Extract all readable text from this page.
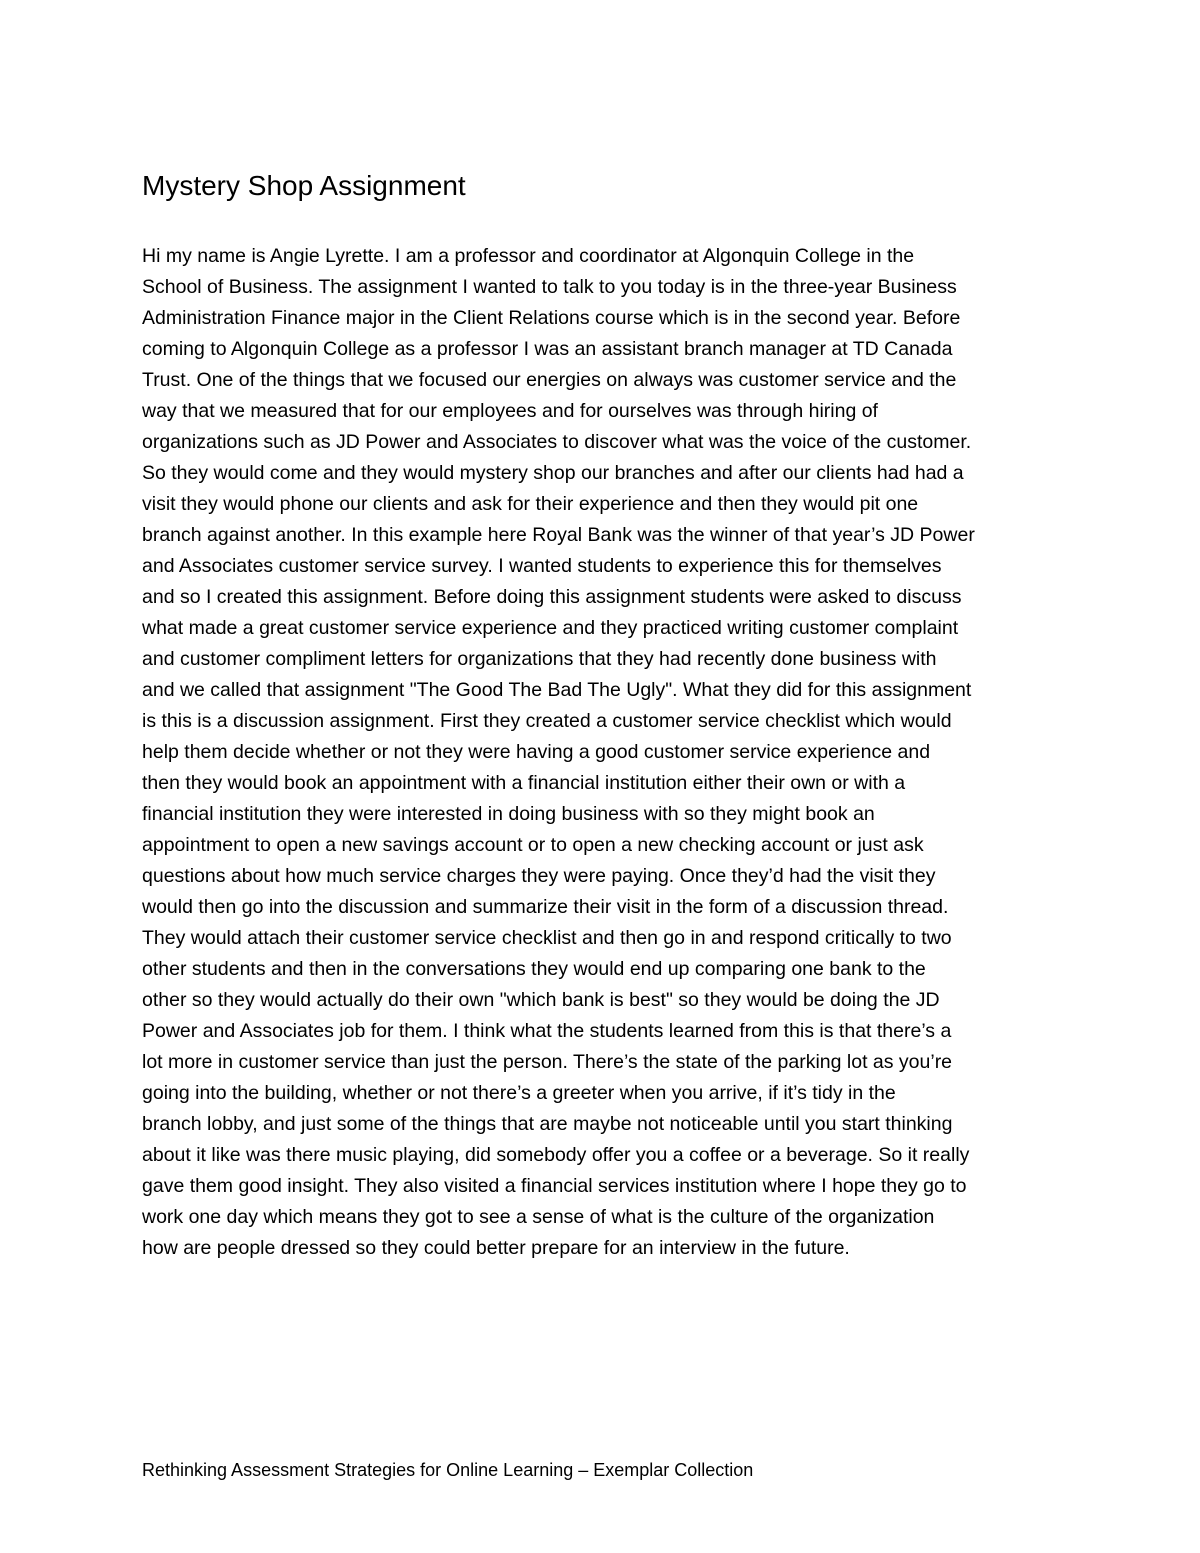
Mystery Shop Assignment
Hi my name is Angie Lyrette. I am a professor and coordinator at Algonquin College in the
School of Business. The assignment I wanted to talk to you today is in the three-year Business
Administration Finance major in the Client Relations course which is in the second year. Before
coming to Algonquin College as a professor I was an assistant branch manager at TD Canada
Trust. One of the things that we focused our energies on always was customer service and the
way that we measured that for our employees and for ourselves was through hiring of
organizations such as JD Power and Associates to discover what was the voice of the customer.
So they would come and they would mystery shop our branches and after our clients had had a
visit they would phone our clients and ask for their experience and then they would pit one
branch against another. In this example here Royal Bank was the winner of that year’s JD Power
and Associates customer service survey. I wanted students to experience this for themselves
and so I created this assignment. Before doing this assignment students were asked to discuss
what made a great customer service experience and they practiced writing customer complaint
and customer compliment letters for organizations that they had recently done business with
and we called that assignment "The Good The Bad The Ugly". What they did for this assignment
is this is a discussion assignment. First they created a customer service checklist which would
help them decide whether or not they were having a good customer service experience and
then they would book an appointment with a financial institution either their own or with a
financial institution they were interested in doing business with so they might book an
appointment to open a new savings account or to open a new checking account or just ask
questions about how much service charges they were paying. Once they’d had the visit they
would then go into the discussion and summarize their visit in the form of a discussion thread.
They would attach their customer service checklist and then go in and respond critically to two
other students and then in the conversations they would end up comparing one bank to the
other so they would actually do their own "which bank is best" so they would be doing the JD
Power and Associates job for them. I think what the students learned from this is that there’s a
lot more in customer service than just the person. There’s the state of the parking lot as you’re
going into the building, whether or not there’s a greeter when you arrive, if it’s tidy in the
branch lobby, and just some of the things that are maybe not noticeable until you start thinking
about it like was there music playing, did somebody offer you a coffee or a beverage. So it really
gave them good insight. They also visited a financial services institution where I hope they go to
work one day which means they got to see a sense of what is the culture of the organization
how are people dressed so they could better prepare for an interview in the future.
Rethinking Assessment Strategies for Online Learning – Exemplar Collection
